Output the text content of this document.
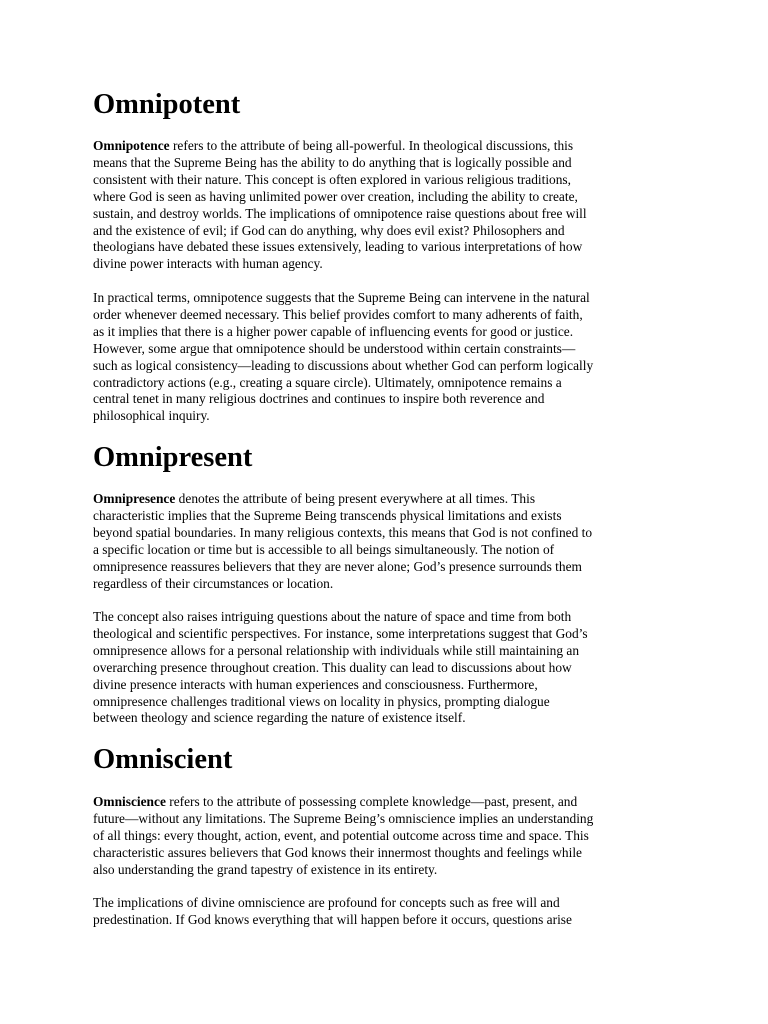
Omnipotent

Omnipotence refers to the attribute of being all-powerful. In theological discussions, this
means that the Supreme Being has the ability to do anything that is logically possible and
consistent with their nature. This concept is often explored in various religious traditions,
where God is seen as having unlimited power over creation, including the ability to create,
sustain, and destroy worlds. The implications of omnipotence raise questions about free will
and the existence of evil; if God can do anything, why does evil exist? Philosophers and
theologians have debated these issues extensively, leading to various interpretations of how
divine power interacts with human agency.

In practical terms, omnipotence suggests that the Supreme Being can intervene in the natural
order whenever deemed necessary. This belief provides comfort to many adherents of faith,
as it implies that there is a higher power capable of influencing events for good or justice.
However, some argue that omnipotence should be understood within certain constraints—
such as logical consistency—leading to discussions about whether God can perform logically
contradictory actions (e.g., creating a square circle). Ultimately, omnipotence remains a
central tenet in many religious doctrines and continues to inspire both reverence and
philosophical inquiry.

Omnipresent

Omnipresence denotes the attribute of being present everywhere at all times. This
characteristic implies that the Supreme Being transcends physical limitations and exists
beyond spatial boundaries. In many religious contexts, this means that God is not confined to
a specific location or time but is accessible to all beings simultaneously. The notion of
omnipresence reassures believers that they are never alone; God’s presence surrounds them
regardless of their circumstances or location.

The concept also raises intriguing questions about the nature of space and time from both
theological and scientific perspectives. For instance, some interpretations suggest that God’s
omnipresence allows for a personal relationship with individuals while still maintaining an
overarching presence throughout creation. This duality can lead to discussions about how
divine presence interacts with human experiences and consciousness. Furthermore,
omnipresence challenges traditional views on locality in physics, prompting dialogue
between theology and science regarding the nature of existence itself.

Omniscient

Omniscience refers to the attribute of possessing complete knowledge—past, present, and
future—without any limitations. The Supreme Being’s omniscience implies an understanding
of all things: every thought, action, event, and potential outcome across time and space. This
characteristic assures believers that God knows their innermost thoughts and feelings while
also understanding the grand tapestry of existence in its entirety.

The implications of divine omniscience are profound for concepts such as free will and
predestination. If God knows everything that will happen before it occurs, questions arise
